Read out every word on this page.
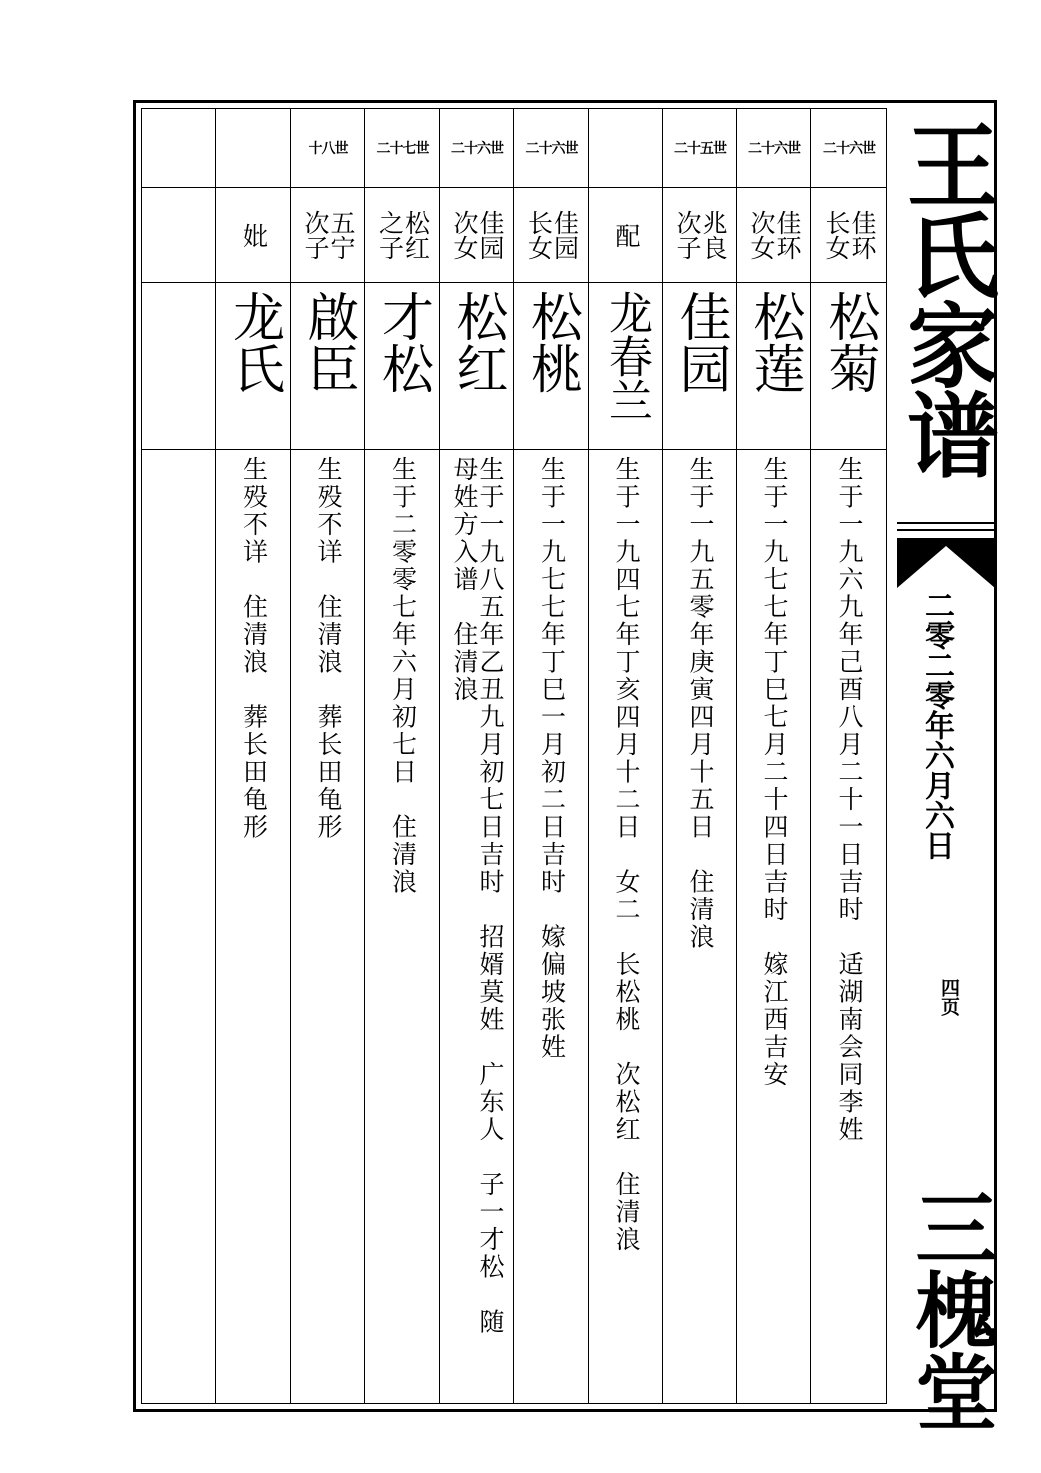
二十六世
佳环
长女
松菊
生于一九六九年己酉八月二十一日吉时　适湖南会同李姓
二十六世
佳环
次女
松莲
生于一九七七年丁巳七月二十四日吉时　嫁江西吉安
二十五世
兆良
次子
佳园
生于一九五零年庚寅四月十五日　住清浪
配
龙春兰
生于一九四七年丁亥四月十二日　女二　长松桃　次松红　住清浪
二十六世
佳园
长女
松桃
生于一九七七年丁巳一月初二日吉时　嫁偏坡张姓
二十六世
佳园
次女
松红
生于一九八五年乙丑九月初七日吉时　招婿莫姓　广东人　子一才松　随
母姓方入谱　住清浪
二十七世
松红
之子
才松
生于二零零七年六月初七日　住清浪
十八世
五宁
次子
啟臣
生殁不详　住清浪　葬长田龟形
妣
龙氏
生殁不详　住清浪　葬长田龟形
王氏家谱
二零二零年六月六日
四页
三槐堂
